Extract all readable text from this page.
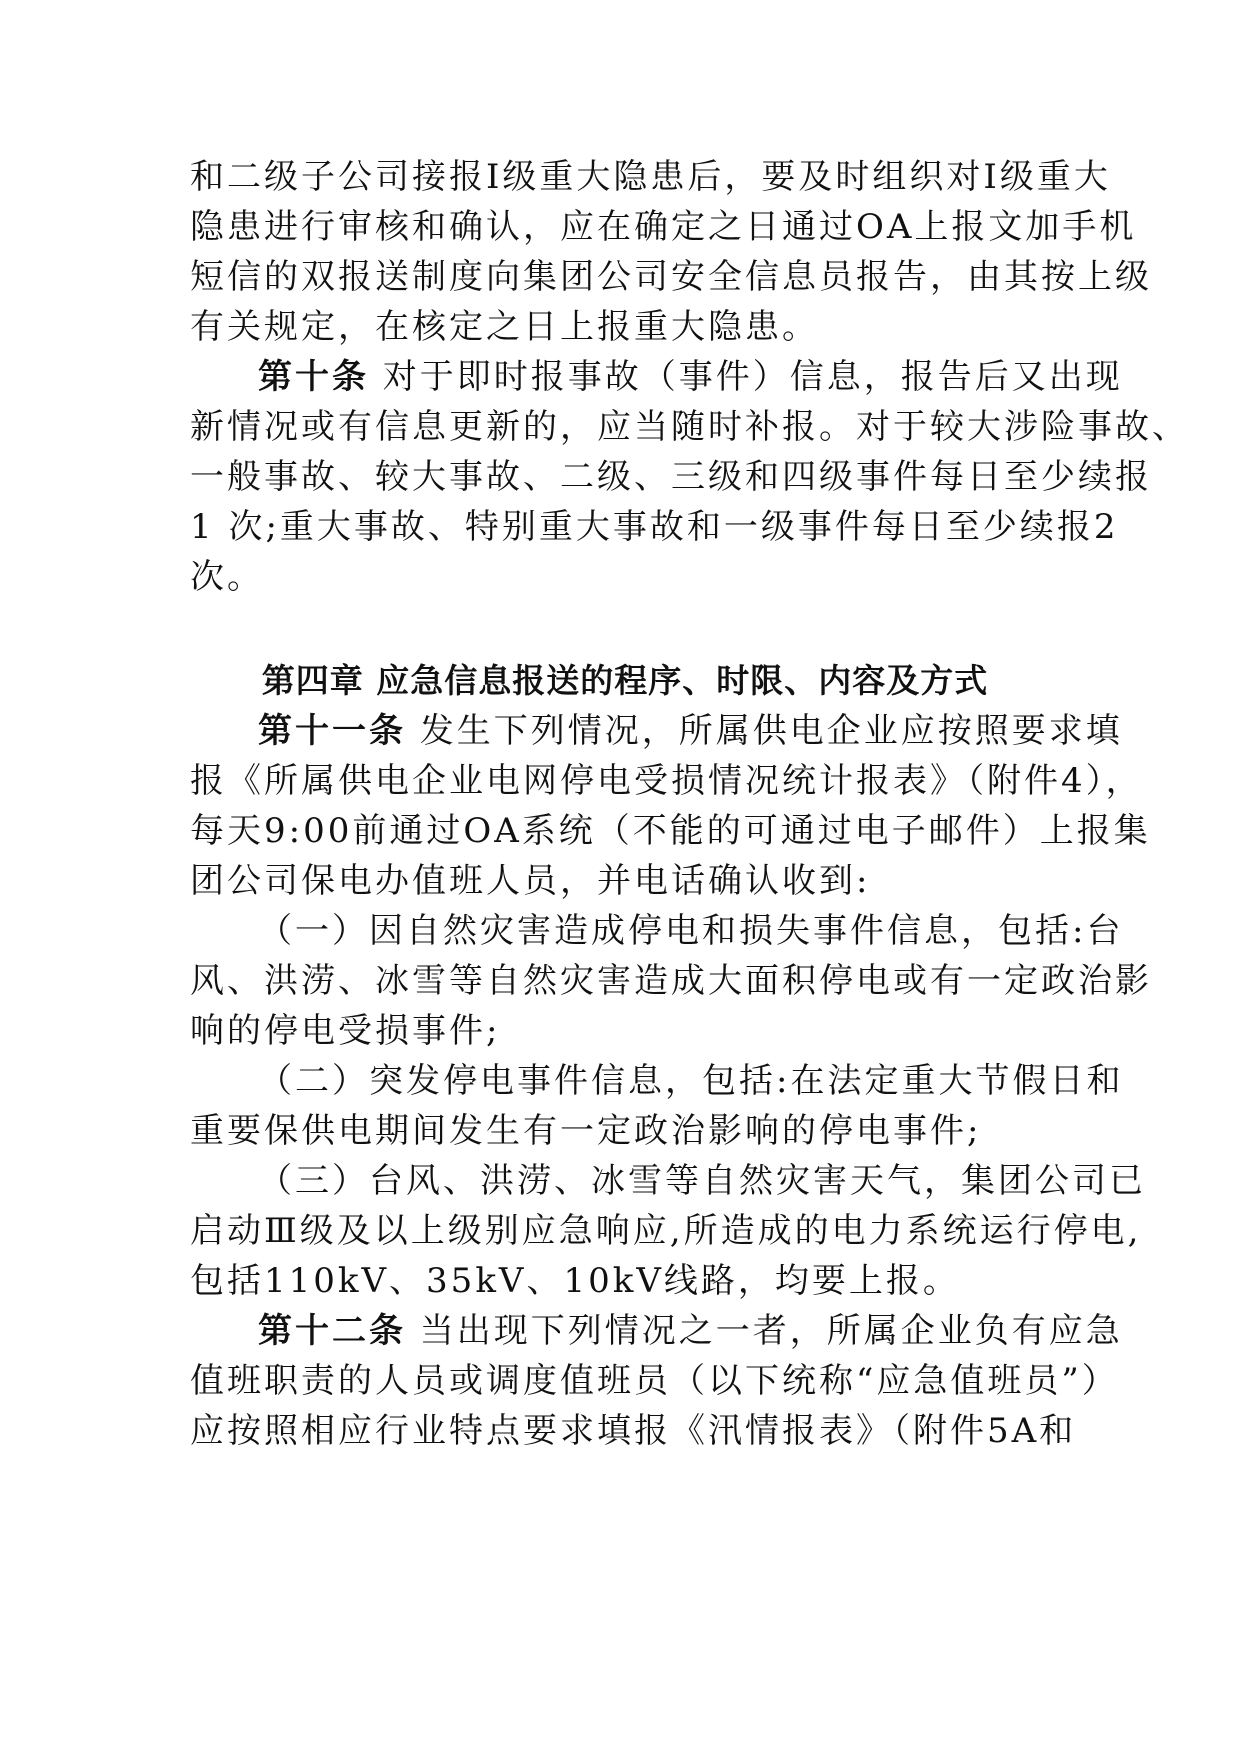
和二级子公司接报Ⅰ级重大隐患后，要及时组织对Ⅰ级重大
隐患进行审核和确认，应在确定之日通过OA上报文加手机
短信的双报送制度向集团公司安全信息员报告，由其按上级
有关规定，在核定之日上报重大隐患。
第十条 对于即时报事故（事件）信息，报告后又出现
新情况或有信息更新的，应当随时补报。对于较大涉险事故、
一般事故、较大事故、二级、三级和四级事件每日至少续报
1 次;重大事故、特别重大事故和一级事件每日至少续报2
次。
第四章 应急信息报送的程序、时限、内容及方式
第十一条 发生下列情况，所属供电企业应按照要求填
报《所属供电企业电网停电受损情况统计报表》（附件4），
每天9:00前通过OA系统（不能的可通过电子邮件）上报集
团公司保电办值班人员，并电话确认收到:
（一）因自然灾害造成停电和损失事件信息，包括:台
风、洪涝、冰雪等自然灾害造成大面积停电或有一定政治影
响的停电受损事件;
（二）突发停电事件信息，包括:在法定重大节假日和
重要保供电期间发生有一定政治影响的停电事件;
（三）台风、洪涝、冰雪等自然灾害天气，集团公司已
启动Ⅲ级及以上级别应急响应,所造成的电力系统运行停电,
包括110kV、35kV、10kV线路，均要上报。
第十二条 当出现下列情况之一者，所属企业负有应急
值班职责的人员或调度值班员（以下统称“应急值班员”）
应按照相应行业特点要求填报《汛情报表》（附件5A和
